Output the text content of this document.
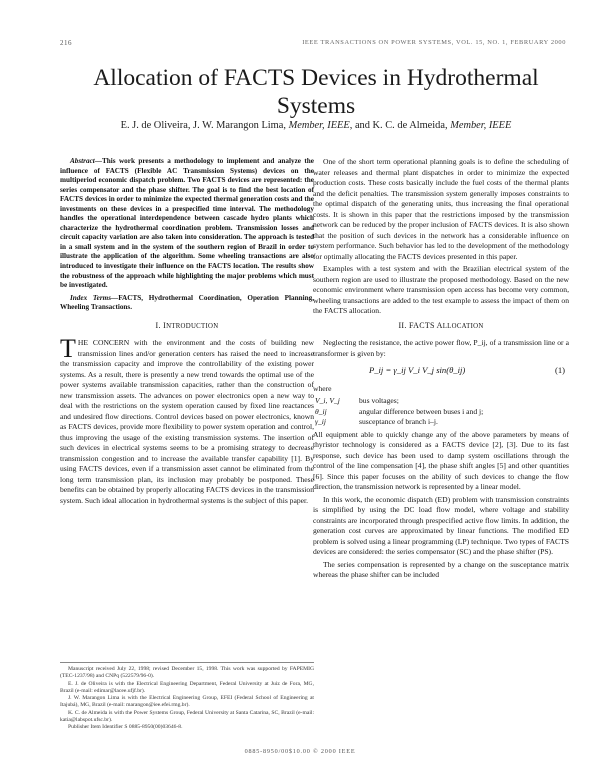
216	IEEE TRANSACTIONS ON POWER SYSTEMS, VOL. 15, NO. 1, FEBRUARY 2000
Allocation of FACTS Devices in Hydrothermal Systems
E. J. de Oliveira, J. W. Marangon Lima, Member, IEEE, and K. C. de Almeida, Member, IEEE

Abstract—This work presents a methodology to implement and analyze the influence of FACTS (Flexible AC Transmission Systems) devices on the multiperiod economic dispatch problem. Two FACTS devices are represented: the series compensator and the phase shifter. The goal is to find the best location of FACTS devices in order to minimize the expected thermal generation costs and the investments on these devices in a prespecified time interval. The methodology handles the operational interdependence between cascade hydro plants which characterize the hydrothermal coordination problem. Transmission losses and circuit capacity variation are also taken into consideration. The approach is tested in a small system and in the system of the southern region of Brazil in order to illustrate the application of the algorithm. Some wheeling transactions are also introduced to investigate their influence on the FACTS location. The results show the robustness of the approach while highlighting the major problems which must be investigated.

Index Terms—FACTS, Hydrothermal Coordination, Operation Planning, Wheeling Transactions.

I. INTRODUCTION

THE CONCERN with the environment and the costs of building new transmission lines and/or generation centers has raised the need to increase the transmission capacity and improve the controllability of the existing power systems. As a result, there is presently a new trend towards the optimal use of the power systems available transmission capacities, rather than the construction of new transmission assets. The advances on power electronics open a new way to deal with the restrictions on the system operation caused by fixed line reactances and undesired flow directions. Control devices based on power electronics, known as FACTS devices, provide more flexibility to power system operation and control, thus improving the usage of the existing transmission systems. The insertion of such devices in electrical systems seems to be a promising strategy to decrease transmission congestion and to increase the available transfer capability [1]. By using FACTS devices, even if a transmission asset cannot be eliminated from the long term transmission plan, its inclusion may probably be postponed. These benefits can be obtained by properly allocating FACTS devices in the transmission system. Such ideal allocation in hydrothermal systems is the subject of this paper.

Manuscript received July 22, 1998; revised December 15, 1998. This work was supported by FAPEMIG (TEC-1237/98) and CNPq (522579/96-0).

E. J. de Oliveira is with the Electrical Engineering Department, Federal University at Juiz de Fora, MG, Brazil (e-mail: edimar@lacee.ufjf.br).

J. W. Marangon Lima is with the Electrical Engineering Group, EFEI (Federal School of Engineering at Itajubá), MG, Brazil (e-mail: marangon@iee.efei.rmg.br).

K. C. de Almeida is with the Power Systems Group, Federal University at Santa Catarina, SC, Brazil (e-mail: katia@labspot.ufsc.br).

Publisher Item Identifier S 0885-8950(00)03646-8.

One of the short term operational planning goals is to define the scheduling of water releases and thermal plant dispatches in order to minimize the expected production costs. These costs basically include the fuel costs of the thermal plants and the deficit penalties. The transmission system generally imposes constraints to the optimal dispatch of the generating units, thus increasing the final operational costs. It is shown in this paper that the restrictions imposed by the transmission network can be reduced by the proper inclusion of FACTS devices. It is also shown that the position of such devices in the network has a considerable influence on system performance. Such behavior has led to the development of the methodology for optimally allocating the FACTS devices presented in this paper.

Examples with a test system and with the Brazilian electrical system of the southern region are used to illustrate the proposed methodology. Based on the new economic environment where transmission open access has become very common, wheeling transactions are added to the test example to assess the impact of them on the FACTS allocation.

II. FACTS ALLOCATION

Neglecting the resistance, the active power flow, P_ij, of a transmission line or a transformer is given by:

P_ij = γ_ij V_i V_j sin(θ_ij)	(1)

where

V_i, V_j	bus voltages;
θ_ij	angular difference between buses i and j;
γ_ij	susceptance of branch i–j.

All equipment able to quickly change any of the above parameters by means of thyristor technology is considered as a FACTS device [2], [3]. Due to its fast response, such device has been used to damp system oscillations through the control of the line compensation [4], the phase shift angles [5] and other quantities [6]. Since this paper focuses on the ability of such devices to change the flow direction, the transmission network is represented by a linear model.

In this work, the economic dispatch (ED) problem with transmission constraints is simplified by using the DC load flow model, where voltage and stability constraints are incorporated through prespecified active flow limits. In addition, the generation cost curves are approximated by linear functions. The modified ED problem is solved using a linear programming (LP) technique. Two types of FACTS devices are considered: the series compensator (SC) and the phase shifter (PS).

The series compensation is represented by a change on the susceptance matrix whereas the phase shifter can be included

0885-8950/00$10.00 © 2000 IEEE
